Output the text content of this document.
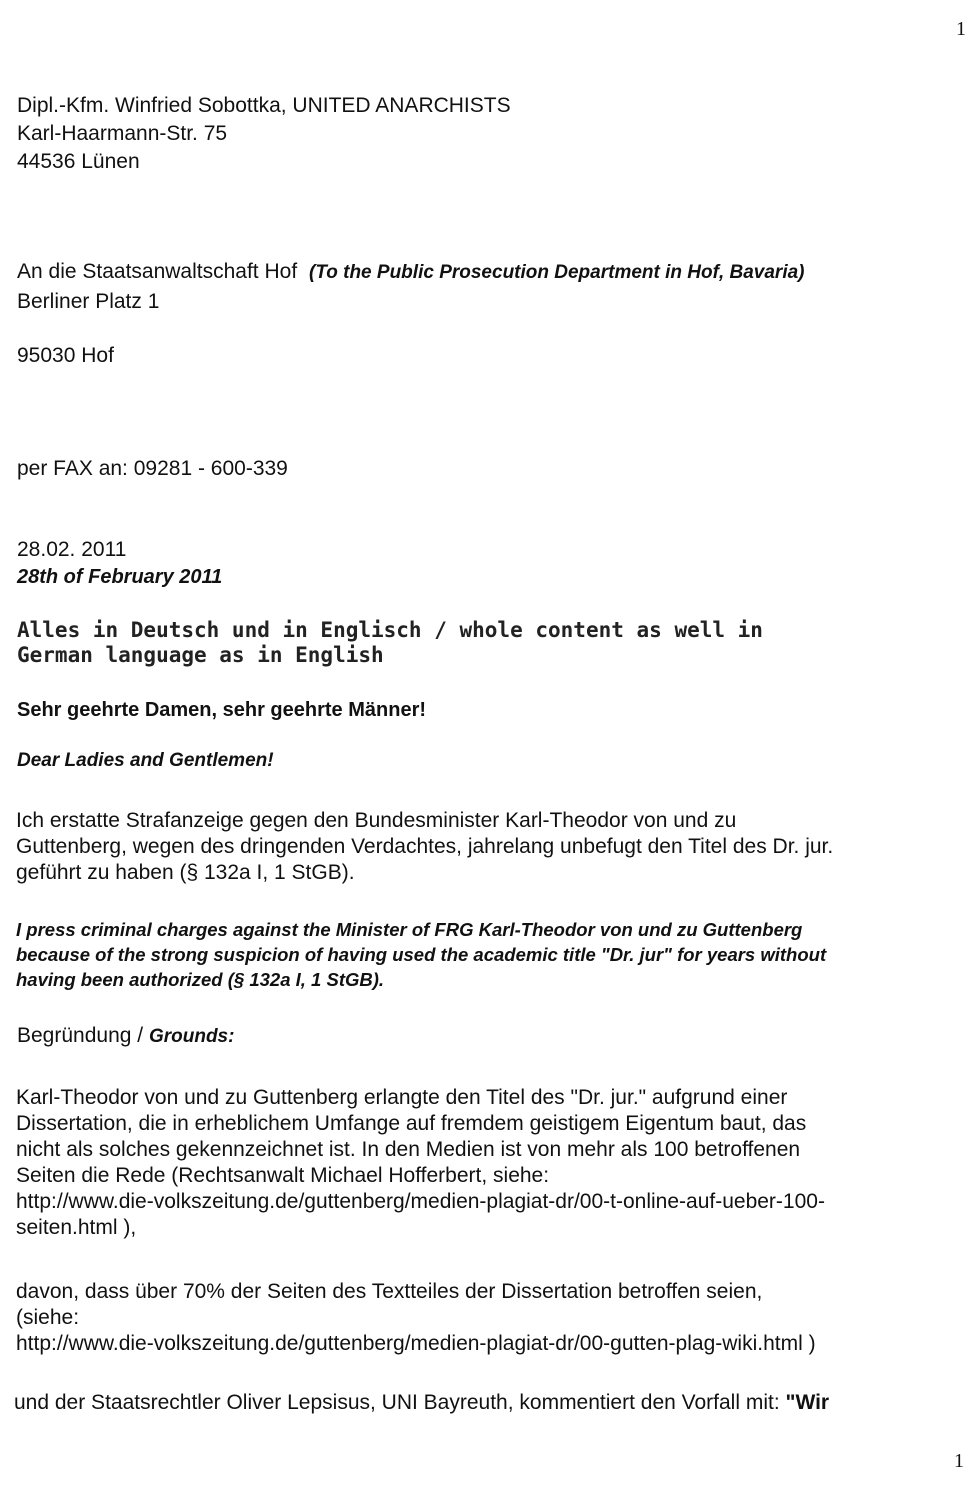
1
Dipl.-Kfm. Winfried Sobottka, UNITED ANARCHISTS
Karl-Haarmann-Str. 75
44536 Lünen
An die Staatsanwaltschaft Hof (To the Public Prosecution Department in Hof, Bavaria)
Berliner Platz 1
95030 Hof
per FAX an: 09281 - 600-339
28.02. 2011
28th of February 2011
Alles in Deutsch und in Englisch / whole content as well in
German language as in English
Sehr geehrte Damen, sehr geehrte Männer!
Dear Ladies and Gentlemen!
Ich erstatte Strafanzeige gegen den Bundesminister Karl-Theodor von und zu
Guttenberg, wegen des dringenden Verdachtes, jahrelang unbefugt den Titel des Dr. jur.
geführt zu haben (§ 132a I, 1 StGB).
I press criminal charges against the Minister of FRG Karl-Theodor von und zu Guttenberg
because of the strong suspicion of having used the academic title "Dr. jur" for years without
having been authorized (§ 132a I, 1 StGB).
Begründung / Grounds:
Karl-Theodor von und zu Guttenberg erlangte den Titel des "Dr. jur." aufgrund einer
Dissertation, die in erheblichem Umfange auf fremdem geistigem Eigentum baut, das
nicht als solches gekennzeichnet ist. In den Medien ist von mehr als 100 betroffenen
Seiten die Rede (Rechtsanwalt Michael Hofferbert, siehe:
http://www.die-volkszeitung.de/guttenberg/medien-plagiat-dr/00-t-online-auf-ueber-100-
seiten.html ),
davon, dass über 70% der Seiten des Textteiles der Dissertation betroffen seien,
(siehe:
http://www.die-volkszeitung.de/guttenberg/medien-plagiat-dr/00-gutten-plag-wiki.html )
und der Staatsrechtler Oliver Lepsisus, UNI Bayreuth, kommentiert den Vorfall mit: "Wir
1
